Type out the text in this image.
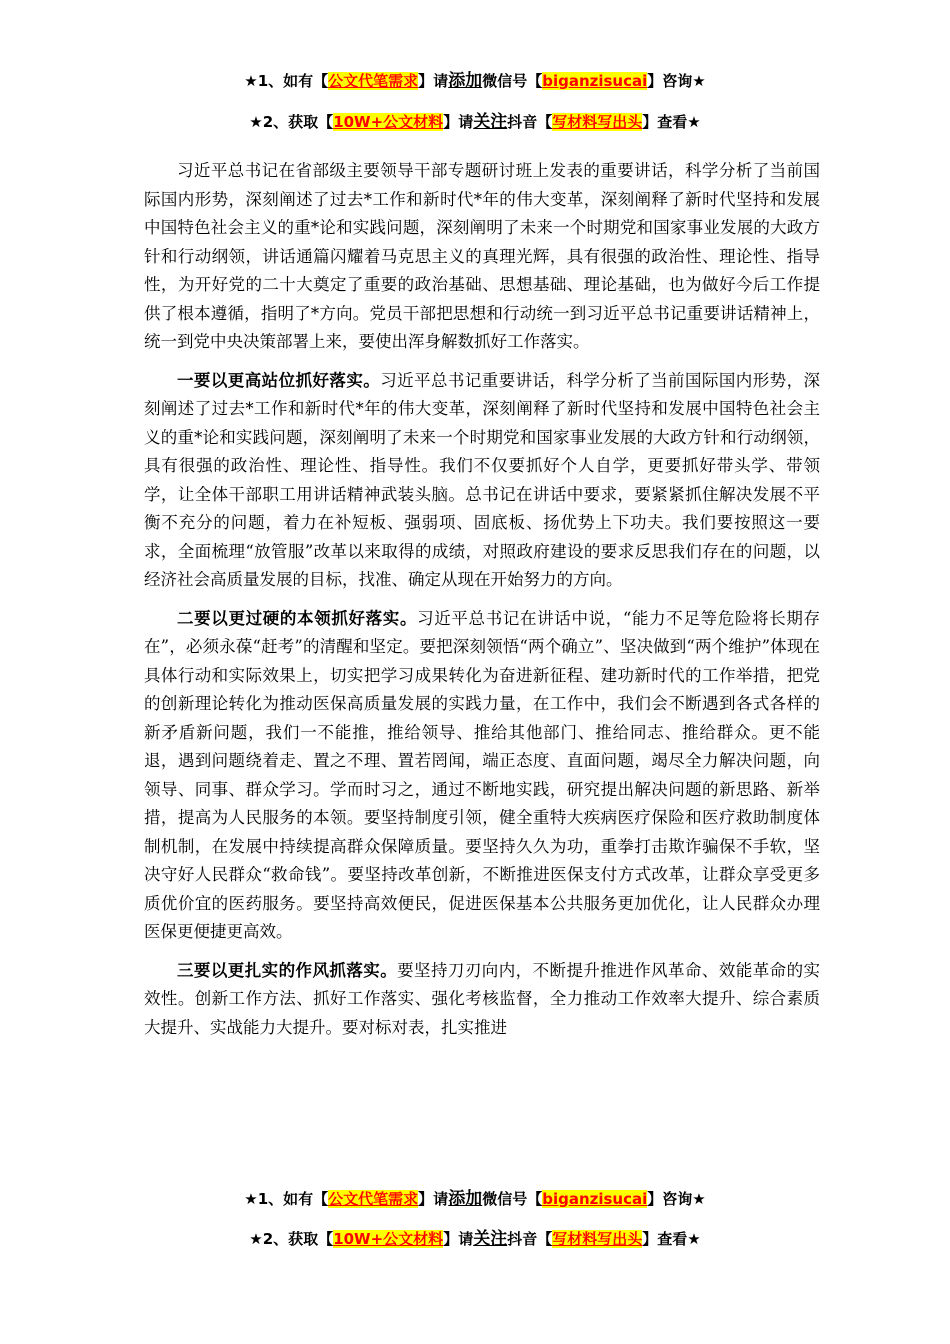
★1、如有【公文代笔需求】请添加微信号【biganzisucai】咨询★
★2、获取【10W+公文材料】请关注抖音【写材料写出头】查看★

习近平总书记在省部级主要领导干部专题研讨班上发表的重要讲话，科学分析了当前国际国内形势，深刻阐述了过去*工作和新时代*年的伟大变革，深刻阐释了新时代坚持和发展中国特色社会主义的重*论和实践问题，深刻阐明了未来一个时期党和国家事业发展的大政方针和行动纲领，讲话通篇闪耀着马克思主义的真理光辉，具有很强的政治性、理论性、指导性，为开好党的二十大奠定了重要的政治基础、思想基础、理论基础，也为做好今后工作提供了根本遵循，指明了*方向。党员干部把思想和行动统一到习近平总书记重要讲话精神上，统一到党中央决策部署上来，要使出浑身解数抓好工作落实。

一要以更高站位抓好落实。习近平总书记重要讲话，科学分析了当前国际国内形势，深刻阐述了过去*工作和新时代*年的伟大变革，深刻阐释了新时代坚持和发展中国特色社会主义的重*论和实践问题，深刻阐明了未来一个时期党和国家事业发展的大政方针和行动纲领，具有很强的政治性、理论性、指导性。我们不仅要抓好个人自学，更要抓好带头学、带领学，让全体干部职工用讲话精神武装头脑。总书记在讲话中要求，要紧紧抓住解决发展不平衡不充分的问题，着力在补短板、强弱项、固底板、扬优势上下功夫。我们要按照这一要求，全面梳理“放管服”改革以来取得的成绩，对照政府建设的要求反思我们存在的问题，以经济社会高质量发展的目标，找准、确定从现在开始努力的方向。

二要以更过硬的本领抓好落实。习近平总书记在讲话中说，“能力不足等危险将长期存在”，必须永葆“赶考”的清醒和坚定。要把深刻领悟“两个确立”、坚决做到“两个维护”体现在具体行动和实际效果上，切实把学习成果转化为奋进新征程、建功新时代的工作举措，把党的创新理论转化为推动医保高质量发展的实践力量，在工作中，我们会不断遇到各式各样的新矛盾新问题，我们一不能推，推给领导、推给其他部门、推给同志、推给群众。更不能退，遇到问题绕着走、置之不理、置若罔闻，端正态度、直面问题，竭尽全力解决问题，向领导、同事、群众学习。学而时习之，通过不断地实践，研究提出解决问题的新思路、新举措，提高为人民服务的本领。要坚持制度引领，健全重特大疾病医疗保险和医疗救助制度体制机制，在发展中持续提高群众保障质量。要坚持久久为功，重拳打击欺诈骗保不手软，坚决守好人民群众“救命钱”。要坚持改革创新，不断推进医保支付方式改革，让群众享受更多质优价宜的医药服务。要坚持高效便民，促进医保基本公共服务更加优化，让人民群众办理医保更便捷更高效。

三要以更扎实的作风抓落实。要坚持刀刃向内，不断提升推进作风革命、效能革命的实效性。创新工作方法、抓好工作落实、强化考核监督，全力推动工作效率大提升、综合素质大提升、实战能力大提升。要对标对表，扎实推进

★1、如有【公文代笔需求】请添加微信号【biganzisucai】咨询★
★2、获取【10W+公文材料】请关注抖音【写材料写出头】查看★
